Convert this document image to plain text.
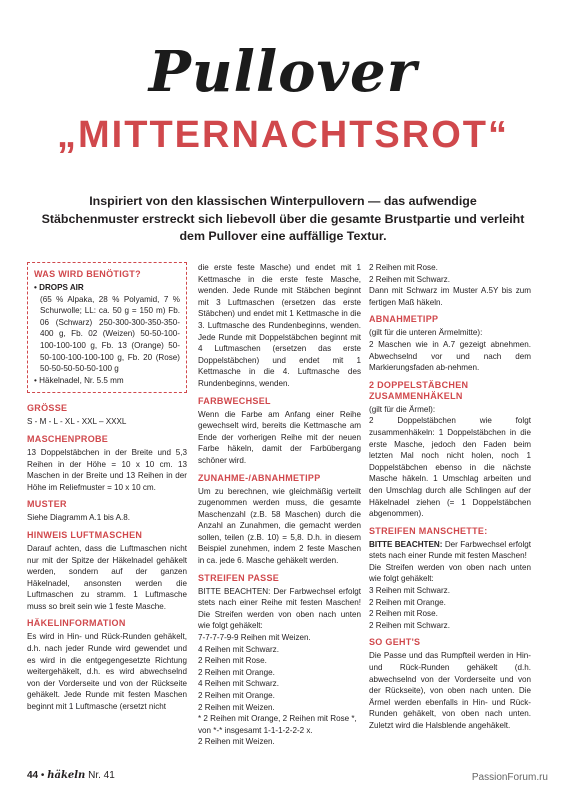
Pullover
„MITTERNACHTSROT“
Inspiriert von den klassischen Winterpullovern — das aufwendige Stäbchenmuster erstreckt sich liebevoll über die gesamte Brustpartie und verleiht dem Pullover eine auffällige Textur.
WAS WIRD BENÖTIGT?
• DROPS AIR
(65 % Alpaka, 28 % Polyamid, 7 % Schurwolle; LL: ca. 50 g = 150 m) Fb. 06 (Schwarz) 250-300-300-350-350-400 g, Fb. 02 (Weizen) 50-50-100-100-100-100 g, Fb. 13 (Orange) 50-50-100-100-100-100 g, Fb. 20 (Rose) 50-50-50-50-50-100 g
• Häkelnadel, Nr. 5.5 mm
GRÖSSE
S - M - L - XL - XXL – XXXL
MASCHENPROBE
13 Doppelstäbchen in der Breite und 5,3 Reihen in der Höhe = 10 x 10 cm. 13 Maschen in der Breite und 13 Reihen in der Höhe im Reliefmuster = 10 x 10 cm.
MUSTER
Siehe Diagramm A.1 bis A.8.
HINWEIS LUFTMASCHEN
Darauf achten, dass die Luftmaschen nicht nur mit der Spitze der Häkelnadel gehäkelt werden, sondern auf der ganzen Häkelnadel, ansonsten werden die Luftmaschen zu stramm. 1 Luftmasche muss so breit sein wie 1 feste Masche.
HÄKELINFORMATION
Es wird in Hin- und Rück-Runden gehäkelt, d.h. nach jeder Runde wird gewendet und es wird in die entgegengesetzte Richtung weitergehäkelt, d.h. es wird abwechselnd von der Vorderseite und von der Rückseite gehäkelt. Jede Runde mit festen Maschen beginnt mit 1 Luftmasche (ersetzt nicht
die erste feste Masche) und endet mit 1 Kettmasche in die erste feste Masche, wenden. Jede Runde mit Stäbchen beginnt mit 3 Luftmaschen (ersetzen das erste Stäbchen) und endet mit 1 Kettmasche in die 3. Luftmasche des Rundenbeginns, wenden. Jede Runde mit Doppelstäbchen beginnt mit 4 Luftmaschen (ersetzen das erste Doppelstäbchen) und endet mit 1 Kettmasche in die 4. Luftmasche des Rundenbeginns, wenden.
FARBWECHSEL
Wenn die Farbe am Anfang einer Reihe gewechselt wird, bereits die Kettmasche am Ende der vorherigen Reihe mit der neuen Farbe häkeln, damit der Farbübergang schöner wird.
ZUNAHME-/ABNAHMETIPP
Um zu berechnen, wie gleichmäßig verteilt zugenommen werden muss, die gesamte Maschenzahl (z.B. 58 Maschen) durch die Anzahl an Zunahmen, die gemacht werden sollen, teilen (z.B. 10) = 5,8. D.h. in diesem Beispiel zunehmen, indem 2 feste Maschen in ca. jede 6. Masche gehäkelt werden.
STREIFEN PASSE
BITTE BEACHTEN: Der Farbwechsel erfolgt stets nach einer Reihe mit festen Maschen! Die Streifen werden von oben nach unten wie folgt gehäkelt:
7-7-7-7-9-9 Reihen mit Weizen.
4 Reihen mit Schwarz.
2 Reihen mit Rose.
2 Reihen mit Orange.
4 Reihen mit Schwarz.
2 Reihen mit Orange.
2 Reihen mit Weizen.
* 2 Reihen mit Orange, 2 Reihen mit Rose *, von *-* insgesamt 1-1-1-2-2-2 x.
2 Reihen mit Weizen.
2 Reihen mit Rose.
2 Reihen mit Schwarz.
Dann mit Schwarz im Muster A.5Y bis zum fertigen Maß häkeln.
ABNAHMETIPP
(gilt für die unteren Ärmelmitte):
2 Maschen wie in A.7 gezeigt abnehmen. Abwechselnd vor und nach dem Markierungsfaden ab-nehmen.
2 DOPPELSTÄBCHEN ZUSAMMENHÄKELN
(gilt für die Ärmel):
2 Doppelstäbchen wie folgt zusammenhäkeln: 1 Doppelstäbchen in die erste Masche, jedoch den Faden beim letzten Mal noch nicht holen, noch 1 Doppelstäbchen ebenso in die nächste Masche häkeln. 1 Umschlag arbeiten und den Umschlag durch alle Schlingen auf der Häkelnadel ziehen (= 1 Doppelstäbchen abgenommen).
STREIFEN MANSCHETTE:
BITTE BEACHTEN: Der Farbwechsel erfolgt stets nach einer Runde mit festen Maschen!
Die Streifen werden von oben nach unten wie folgt gehäkelt:
3 Reihen mit Schwarz.
2 Reihen mit Orange.
2 Reihen mit Rose.
2 Reihen mit Schwarz.
SO GEHT'S
Die Passe und das Rumpfteil werden in Hin- und Rück-Runden gehäkelt (d.h. abwechselnd von der Vorderseite und von der Rückseite), von oben nach unten. Die Ärmel werden ebenfalls in Hin- und Rück-Runden gehäkelt, von oben nach unten. Zuletzt wird die Halsblende angehäkelt.
44 • häkeln Nr. 41	PassionForum.ru
